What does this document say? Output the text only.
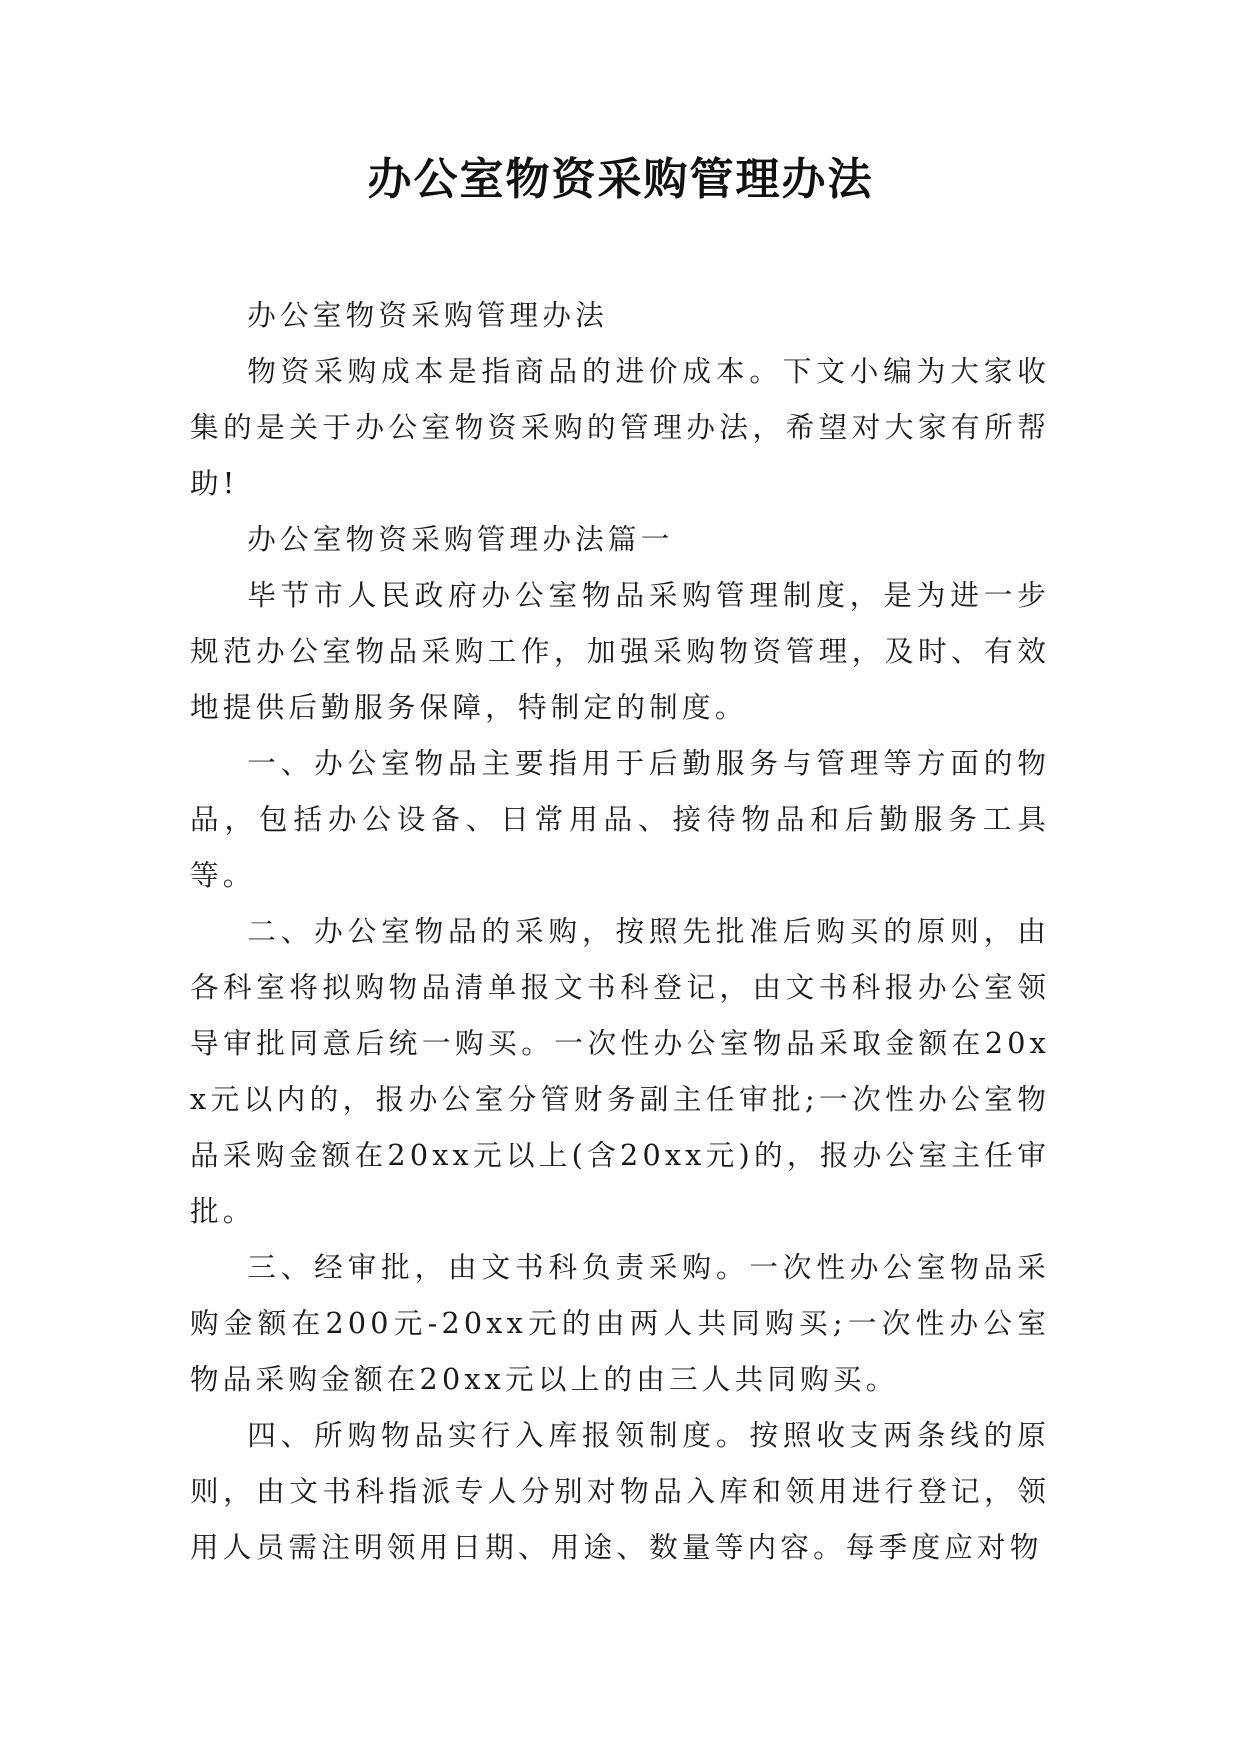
办公室物资采购管理办法

办公室物资采购管理办法

物资采购成本是指商品的进价成本。下文小编为大家收集的是关于办公室物资采购的管理办法，希望对大家有所帮助!

办公室物资采购管理办法篇一

毕节市人民政府办公室物品采购管理制度，是为进一步规范办公室物品采购工作，加强采购物资管理，及时、有效地提供后勤服务保障，特制定的制度。

一、办公室物品主要指用于后勤服务与管理等方面的物品，包括办公设备、日常用品、接待物品和后勤服务工具等。

二、办公室物品的采购，按照先批准后购买的原则，由各科室将拟购物品清单报文书科登记，由文书科报办公室领导审批同意后统一购买。一次性办公室物品采取金额在20xx元以内的，报办公室分管财务副主任审批;一次性办公室物品采购金额在20xx元以上(含20xx元)的，报办公室主任审批。

三、经审批，由文书科负责采购。一次性办公室物品采购金额在200元-20xx元的由两人共同购买;一次性办公室物品采购金额在20xx元以上的由三人共同购买。

四、所购物品实行入库报领制度。按照收支两条线的原则，由文书科指派专人分别对物品入库和领用进行登记，领用人员需注明领用日期、用途、数量等内容。每季度应对物
